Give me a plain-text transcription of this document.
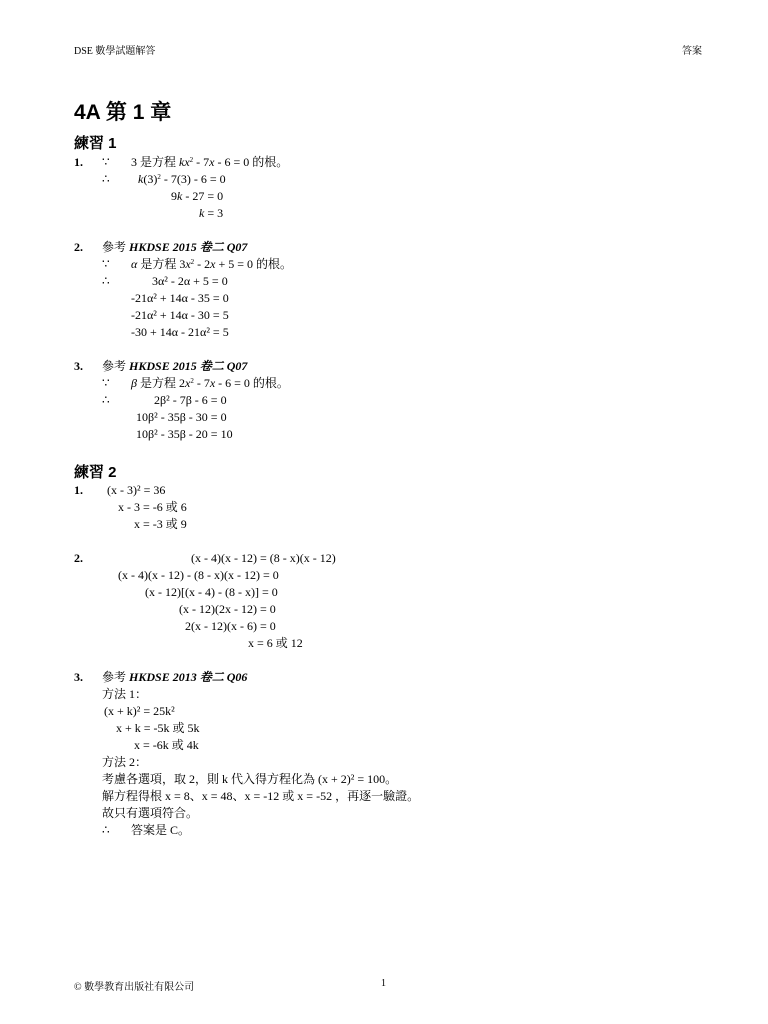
DSE 數學試題解答	答案
4A 第 1 章
練習 1
1. ∵ 3 是方程 $kx^2 - 7x - 6 = 0$ 的根。
∴ $k(3)^2 - 7(3) - 6 = 0$
9k - 27 = 0
k = 3
2. 參考 HKDSE 2015 卷二 Q07
∵ α 是方程 $3x^2 - 2x + 5 = 0$ 的根。
∴	3α² - 2α + 5 = 0
-21α² + 14α - 35 = 0
-21α² + 14α - 30 = 5
-30 + 14α - 21α² = 5
3. 參考 HKDSE 2015 卷二 Q07
∵ β 是方程 $2x^2 - 7x - 6 = 0$ 的根。
∴	2β² - 7β - 6 = 0
10β² - 35β - 30 = 0
10β² - 35β - 20 = 10
練習 2
1. (x - 3)² = 36
x - 3 = -6 或 6
x = -3 或 9
2.	(x - 4)(x - 12) = (8 - x)(x - 12)
(x - 4)(x - 12) - (8 - x)(x - 12) = 0
(x - 12)[(x - 4) - (8 - x)] = 0
(x - 12)(2x - 12) = 0
2(x - 12)(x - 6) = 0
x = 6 或 12
3. 參考 HKDSE 2013 卷二 Q06
方法 1：
(x + k)² = 25k²
x + k = -5k 或 5k
x = -6k 或 4k
方法 2：
考慮各選項，取 2，則 k 代入得方程化為 (x + 2)² = 100。
解方程得根 x = 8、x = 48、x = -12 或 x = -52 ，再逐一驗證。
故只有選項符合。
∴ 答案是 C。
© 數學教育出版社有限公司	1
